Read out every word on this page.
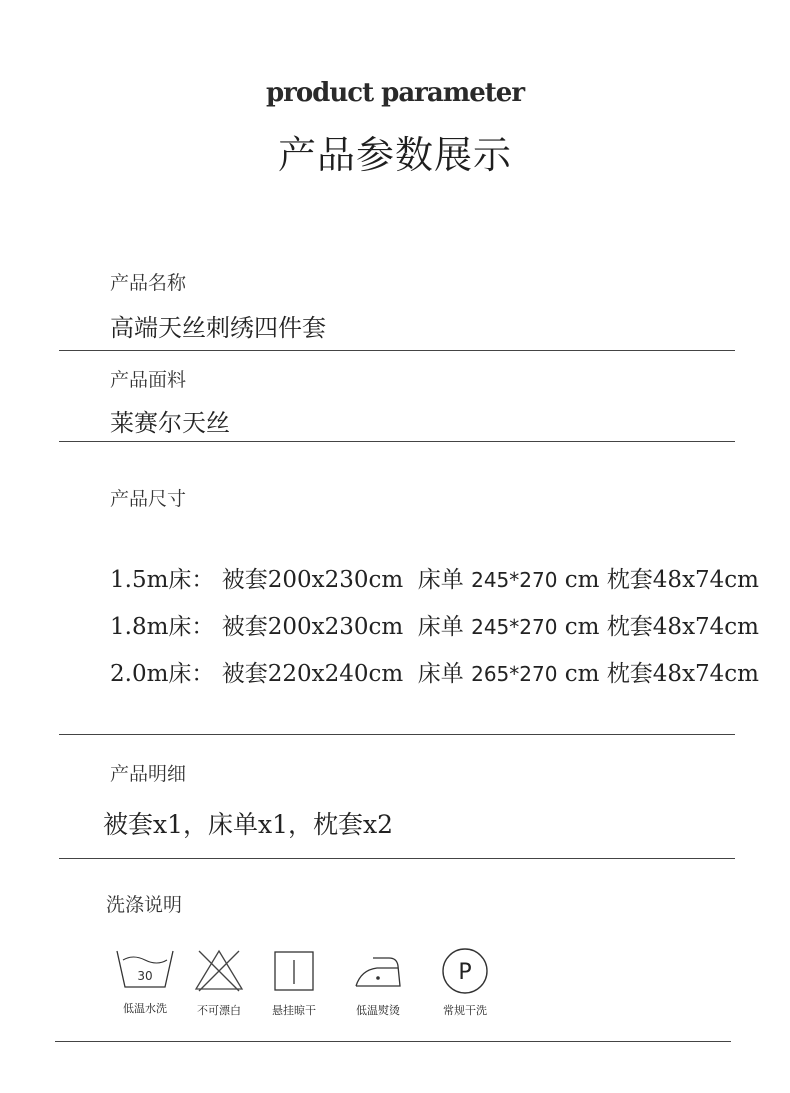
product parameter
产品参数展示
产品名称
高端天丝刺绣四件套
产品面料
莱赛尔天丝
产品尺寸
1.5m床： 被套200x230cm 床单 245*270 cm 枕套48x74cm
1.8m床： 被套200x230cm 床单 245*270 cm 枕套48x74cm
2.0m床： 被套220x240cm 床单 265*270 cm 枕套48x74cm
产品明细
被套x1，床单x1，枕套x2
洗涤说明
30
低温水洗	不可漂白	悬挂晾干	低温熨烫
P
常规干洗
